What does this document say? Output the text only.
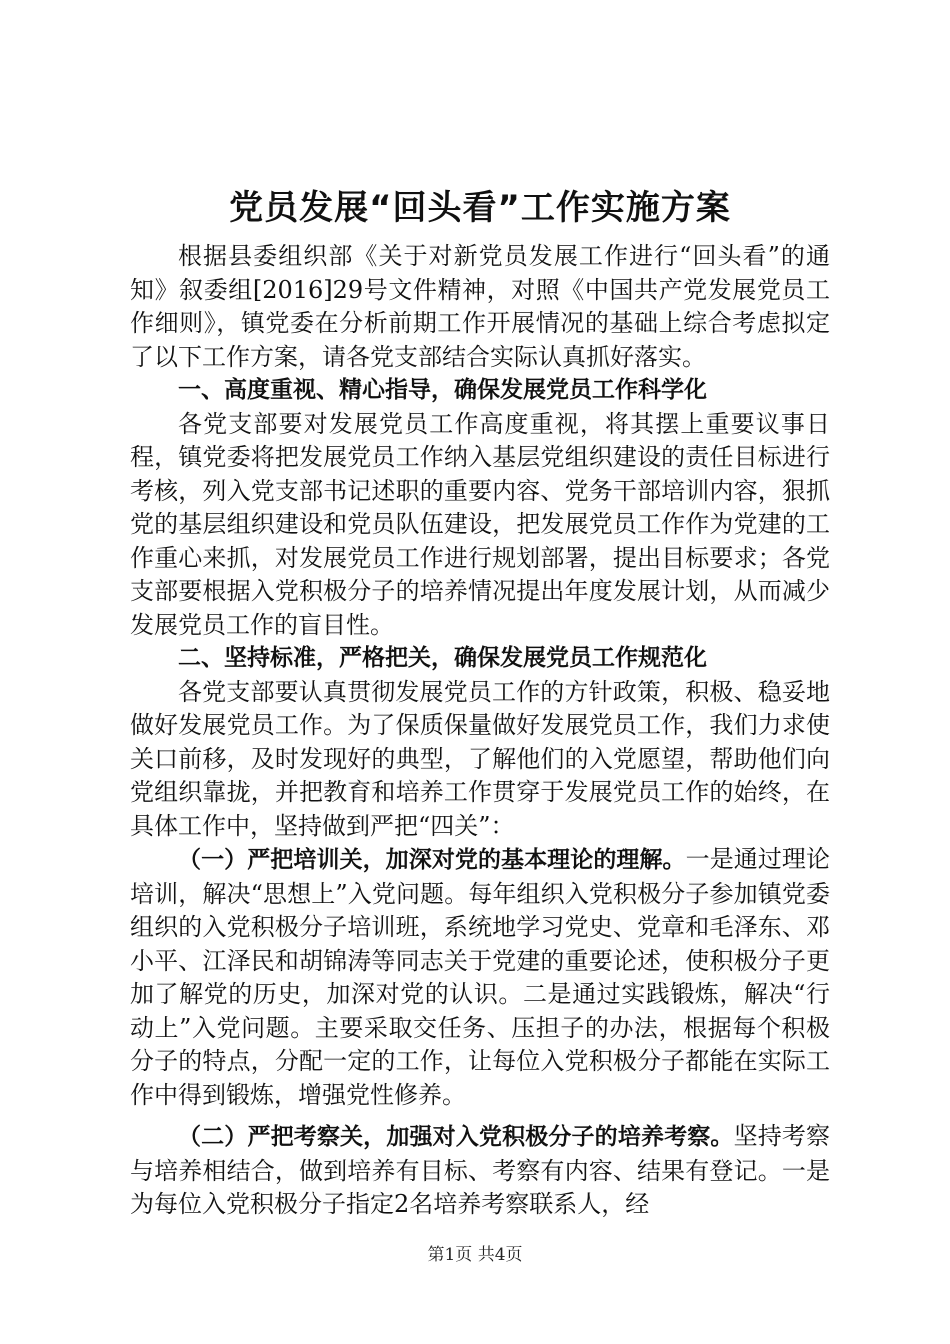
党员发展“回头看”工作实施方案

根据县委组织部《关于对新党员发展工作进行“回头看”的通知》叙委组[2016]29号文件精神，对照《中国共产党发展党员工作细则》，镇党委在分析前期工作开展情况的基础上综合考虑拟定了以下工作方案，请各党支部结合实际认真抓好落实。

一、高度重视、精心指导，确保发展党员工作科学化

各党支部要对发展党员工作高度重视，将其摆上重要议事日程，镇党委将把发展党员工作纳入基层党组织建设的责任目标进行考核，列入党支部书记述职的重要内容、党务干部培训内容，狠抓党的基层组织建设和党员队伍建设，把发展党员工作作为党建的工作重心来抓，对发展党员工作进行规划部署，提出目标要求；各党支部要根据入党积极分子的培养情况提出年度发展计划，从而减少发展党员工作的盲目性。

二、坚持标准，严格把关，确保发展党员工作规范化

各党支部要认真贯彻发展党员工作的方针政策，积极、稳妥地做好发展党员工作。为了保质保量做好发展党员工作，我们力求使关口前移，及时发现好的典型，了解他们的入党愿望，帮助他们向党组织靠拢，并把教育和培养工作贯穿于发展党员工作的始终，在具体工作中，坚持做到严把“四关”：

（一）严把培训关，加深对党的基本理论的理解。一是通过理论培训，解决“思想上”入党问题。每年组织入党积极分子参加镇党委组织的入党积极分子培训班，系统地学习党史、党章和毛泽东、邓小平、江泽民和胡锦涛等同志关于党建的重要论述，使积极分子更加了解党的历史，加深对党的认识。二是通过实践锻炼，解决“行动上”入党问题。主要采取交任务、压担子的办法，根据每个积极分子的特点，分配一定的工作，让每位入党积极分子都能在实际工作中得到锻炼，增强党性修养。

（二）严把考察关，加强对入党积极分子的培养考察。坚持考察与培养相结合，做到培养有目标、考察有内容、结果有登记。一是为每位入党积极分子指定2名培养考察联系人，经

第1页 共4页
